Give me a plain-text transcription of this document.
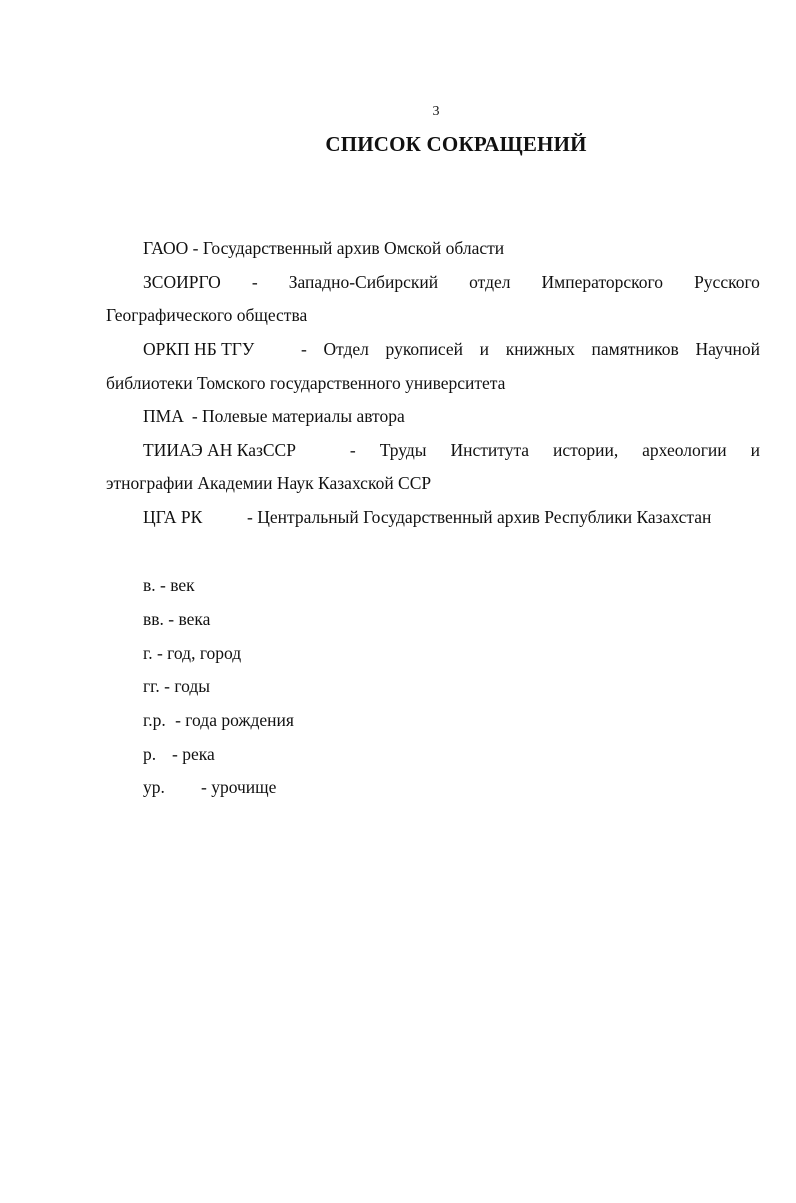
3
СПИСОК СОКРАЩЕНИЙ
ГАОО - Государственный архив Омской области
ЗСОИРГО - Западно-Сибирский отдел Императорского Русского
Географического общества
ОРКП НБ ТГУ	- Отдел рукописей и книжных памятников Научной
библиотеки Томского государственного университета
ПМА - Полевые материалы автора
ТИИАЭ АН КазССР	- Труды Института истории, археологии и
этнографии Академии Наук Казахской ССР
ЦГА РК	- Центральный Государственный архив Республики Казахстан
в. - век
вв. - века
г. - год, город
гг. - годы
г.р. - года рождения
р. - река
ур. - урочище
